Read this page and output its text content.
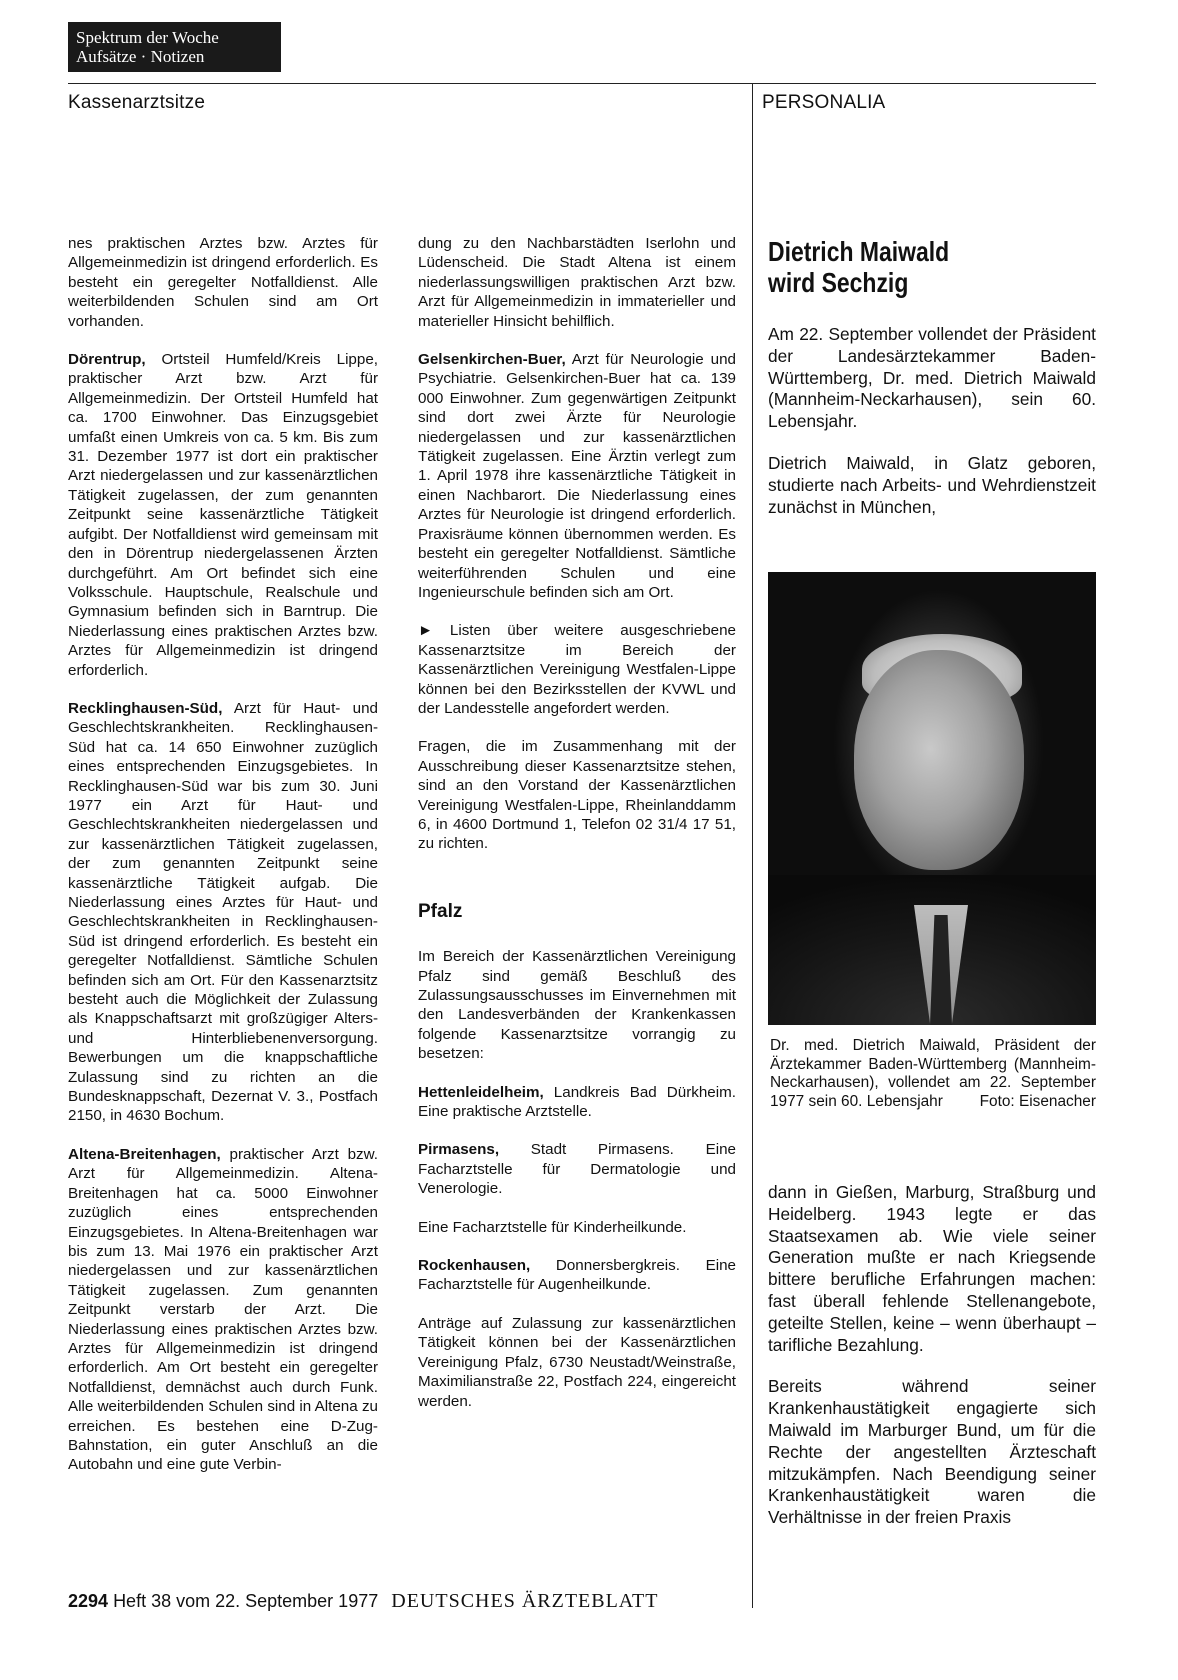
Spektrum der Woche
Aufsätze · Notizen
Kassenarztsitze	PERSONALIA

nes praktischen Arztes bzw. Arztes für Allgemeinmedizin ist dringend erforderlich. Es besteht ein geregelter Notfalldienst. Alle weiterbildenden Schulen sind am Ort vorhanden.

Dörentrup, Ortsteil Humfeld/Kreis Lippe, praktischer Arzt bzw. Arzt für Allgemeinmedizin. Der Ortsteil Humfeld hat ca. 1700 Einwohner. Das Einzugsgebiet umfaßt einen Umkreis von ca. 5 km. Bis zum 31. Dezember 1977 ist dort ein praktischer Arzt niedergelassen und zur kassenärztlichen Tätigkeit zugelassen, der zum genannten Zeitpunkt seine kassenärztliche Tätigkeit aufgibt. Der Notfalldienst wird gemeinsam mit den in Dörentrup niedergelassenen Ärzten durchgeführt. Am Ort befindet sich eine Volksschule. Hauptschule, Realschule und Gymnasium befinden sich in Barntrup. Die Niederlassung eines praktischen Arztes bzw. Arztes für Allgemeinmedizin ist dringend erforderlich.

Recklinghausen-Süd, Arzt für Haut- und Geschlechtskrankheiten. Recklinghausen-Süd hat ca. 14 650 Einwohner zuzüglich eines entsprechenden Einzugsgebietes. In Recklinghausen-Süd war bis zum 30. Juni 1977 ein Arzt für Haut- und Geschlechtskrankheiten niedergelassen und zur kassenärztlichen Tätigkeit zugelassen, der zum genannten Zeitpunkt seine kassenärztliche Tätigkeit aufgab. Die Niederlassung eines Arztes für Haut- und Geschlechtskrankheiten in Recklinghausen-Süd ist dringend erforderlich. Es besteht ein geregelter Notfalldienst. Sämtliche Schulen befinden sich am Ort. Für den Kassenarztsitz besteht auch die Möglichkeit der Zulassung als Knappschaftsarzt mit großzügiger Alters- und Hinterbliebenenversorgung. Bewerbungen um die knappschaftliche Zulassung sind zu richten an die Bundesknappschaft, Dezernat V. 3., Postfach 2150, in 4630 Bochum.

Altena-Breitenhagen, praktischer Arzt bzw. Arzt für Allgemeinmedizin. Altena-Breitenhagen hat ca. 5000 Einwohner zuzüglich eines entsprechenden Einzugsgebietes. In Altena-Breitenhagen war bis zum 13. Mai 1976 ein praktischer Arzt niedergelassen und zur kassenärztlichen Tätigkeit zugelassen. Zum genannten Zeitpunkt verstarb der Arzt. Die Niederlassung eines praktischen Arztes bzw. Arztes für Allgemeinmedizin ist dringend erforderlich. Am Ort besteht ein geregelter Notfalldienst, demnächst auch durch Funk. Alle weiterbildenden Schulen sind in Altena zu erreichen. Es bestehen eine D-Zug-Bahnstation, ein guter Anschluß an die Autobahn und eine gute Verbin-

dung zu den Nachbarstädten Iserlohn und Lüdenscheid. Die Stadt Altena ist einem niederlassungswilligen praktischen Arzt bzw. Arzt für Allgemeinmedizin in immaterieller und materieller Hinsicht behilflich.

Gelsenkirchen-Buer, Arzt für Neurologie und Psychiatrie. Gelsenkirchen-Buer hat ca. 139 000 Einwohner. Zum gegenwärtigen Zeitpunkt sind dort zwei Ärzte für Neurologie niedergelassen und zur kassenärztlichen Tätigkeit zugelassen. Eine Ärztin verlegt zum 1. April 1978 ihre kassenärztliche Tätigkeit in einen Nachbarort. Die Niederlassung eines Arztes für Neurologie ist dringend erforderlich. Praxisräume können übernommen werden. Es besteht ein geregelter Notfalldienst. Sämtliche weiterführenden Schulen und eine Ingenieurschule befinden sich am Ort.

► Listen über weitere ausgeschriebene Kassenarztsitze im Bereich der Kassenärztlichen Vereinigung Westfalen-Lippe können bei den Bezirksstellen der KVWL und der Landesstelle angefordert werden.

Fragen, die im Zusammenhang mit der Ausschreibung dieser Kassenarztsitze stehen, sind an den Vorstand der Kassenärztlichen Vereinigung Westfalen-Lippe, Rheinlanddamm 6, in 4600 Dortmund 1, Telefon 02 31/4 17 51, zu richten.

Pfalz

Im Bereich der Kassenärztlichen Vereinigung Pfalz sind gemäß Beschluß des Zulassungsausschusses im Einvernehmen mit den Landesverbänden der Krankenkassen folgende Kassenarztsitze vorrangig zu besetzen:

Hettenleidelheim, Landkreis Bad Dürkheim. Eine praktische Arztstelle.

Pirmasens, Stadt Pirmasens. Eine Facharztstelle für Dermatologie und Venerologie.

Eine Facharztstelle für Kinderheilkunde.

Rockenhausen, Donnersbergkreis. Eine Facharztstelle für Augenheilkunde.

Anträge auf Zulassung zur kassenärztlichen Tätigkeit können bei der Kassenärztlichen Vereinigung Pfalz, 6730 Neustadt/Weinstraße, Maximilianstraße 22, Postfach 224, eingereicht werden.

Dietrich Maiwald
wird Sechzig

Am 22. September vollendet der Präsident der Landesärztekammer Baden-Württemberg, Dr. med. Dietrich Maiwald (Mannheim-Neckarhausen), sein 60. Lebensjahr.

Dietrich Maiwald, in Glatz geboren, studierte nach Arbeits- und Wehrdienstzeit zunächst in München,

Dr. med. Dietrich Maiwald, Präsident der Ärztekammer Baden-Württemberg (Mannheim-Neckarhausen), vollendet am 22. September 1977 sein 60. Lebensjahr Foto: Eisenacher

dann in Gießen, Marburg, Straßburg und Heidelberg. 1943 legte er das Staatsexamen ab. Wie viele seiner Generation mußte er nach Kriegsende bittere berufliche Erfahrungen machen: fast überall fehlende Stellenangebote, geteilte Stellen, keine – wenn überhaupt – tarifliche Bezahlung.

Bereits während seiner Krankenhaustätigkeit engagierte sich Maiwald im Marburger Bund, um für die Rechte der angestellten Ärzteschaft mitzukämpfen. Nach Beendigung seiner Krankenhaustätigkeit waren die Verhältnisse in der freien Praxis

2294 Heft 38 vom 22. September 1977 DEUTSCHES ÄRZTEBLATT
